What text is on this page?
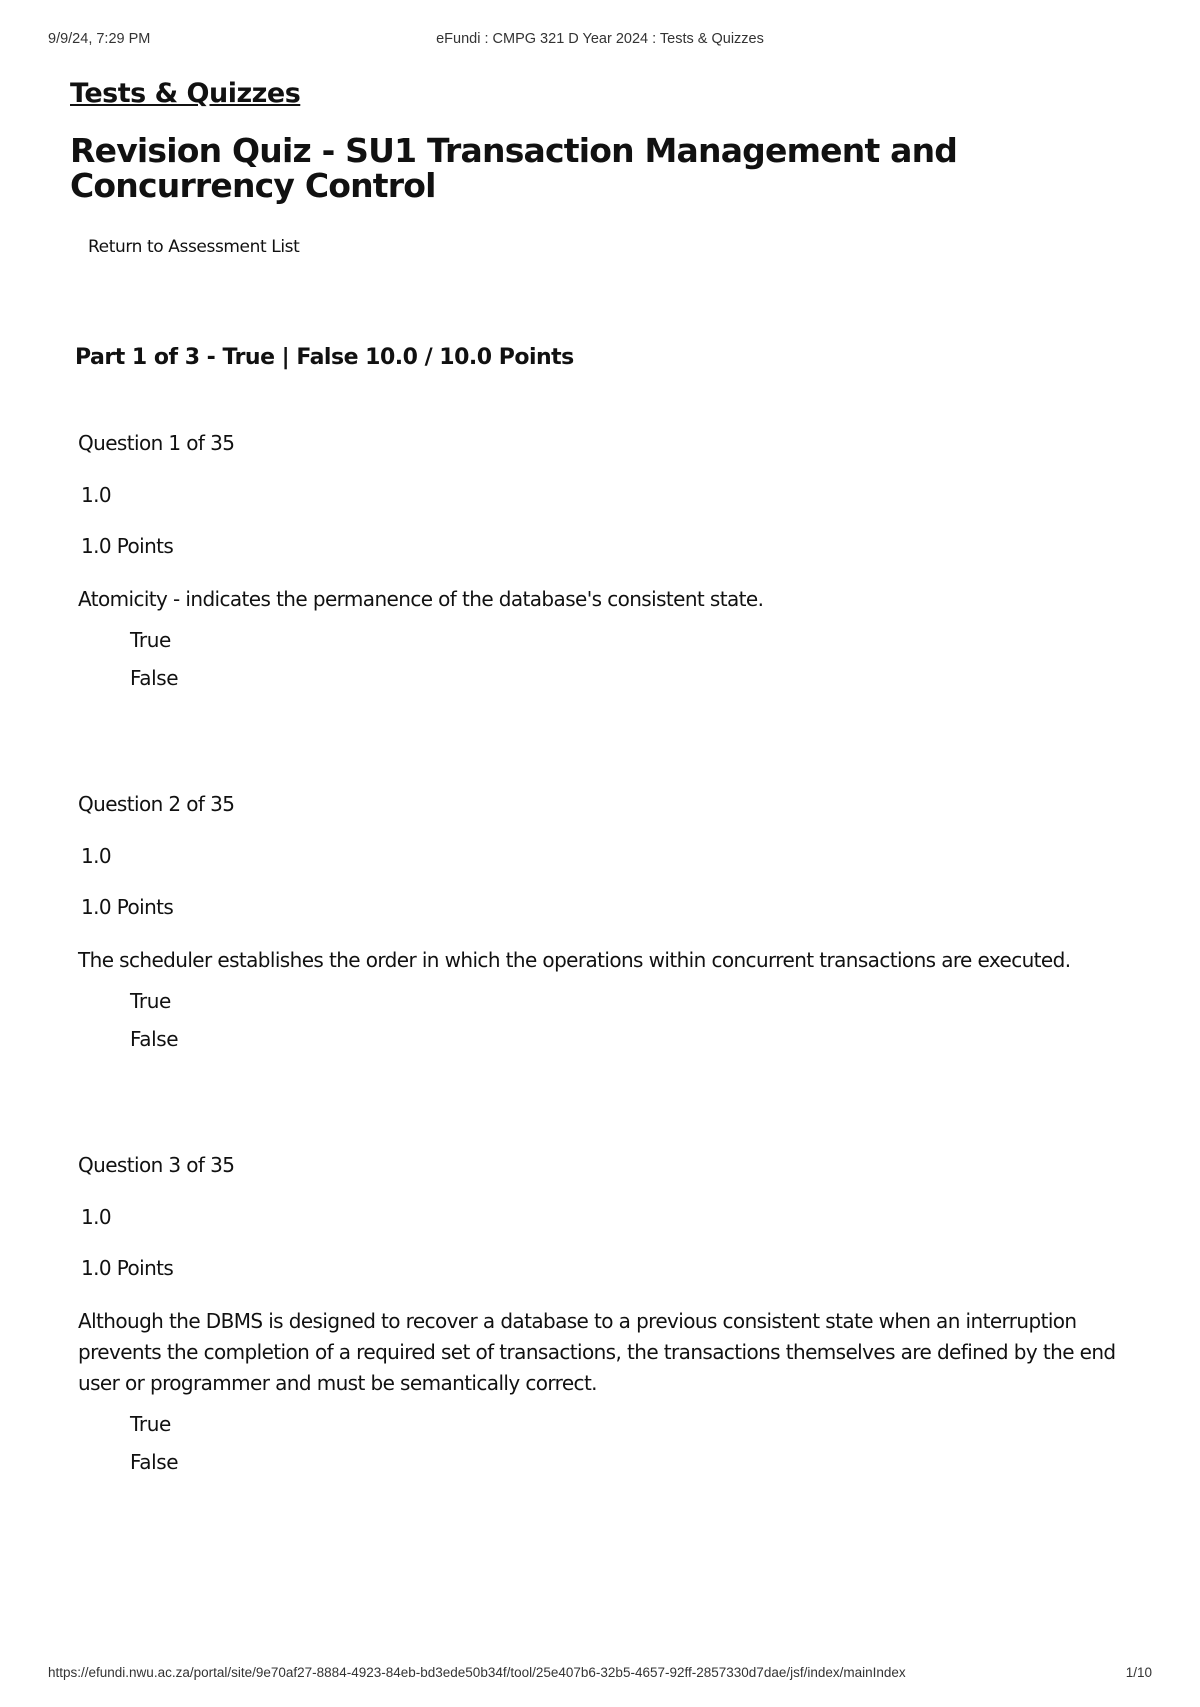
9/9/24, 7:29 PM	eFundi : CMPG 321 D Year 2024 : Tests & Quizzes
Tests & Quizzes
Revision Quiz - SU1 Transaction Management and Concurrency Control
Return to Assessment List
Part 1 of 3 - True | False 10.0 / 10.0 Points
Question 1 of 35
1.0
1.0 Points
Atomicity - indicates the permanence of the database's consistent state.
True
False
Question 2 of 35
1.0
1.0 Points
The scheduler establishes the order in which the operations within concurrent transactions are executed.
True
False
Question 3 of 35
1.0
1.0 Points
Although the DBMS is designed to recover a database to a previous consistent state when an interruption prevents the completion of a required set of transactions, the transactions themselves are defined by the end user or programmer and must be semantically correct.
True
False
https://efundi.nwu.ac.za/portal/site/9e70af27-8884-4923-84eb-bd3ede50b34f/tool/25e407b6-32b5-4657-92ff-2857330d7dae/jsf/index/mainIndex	1/10
